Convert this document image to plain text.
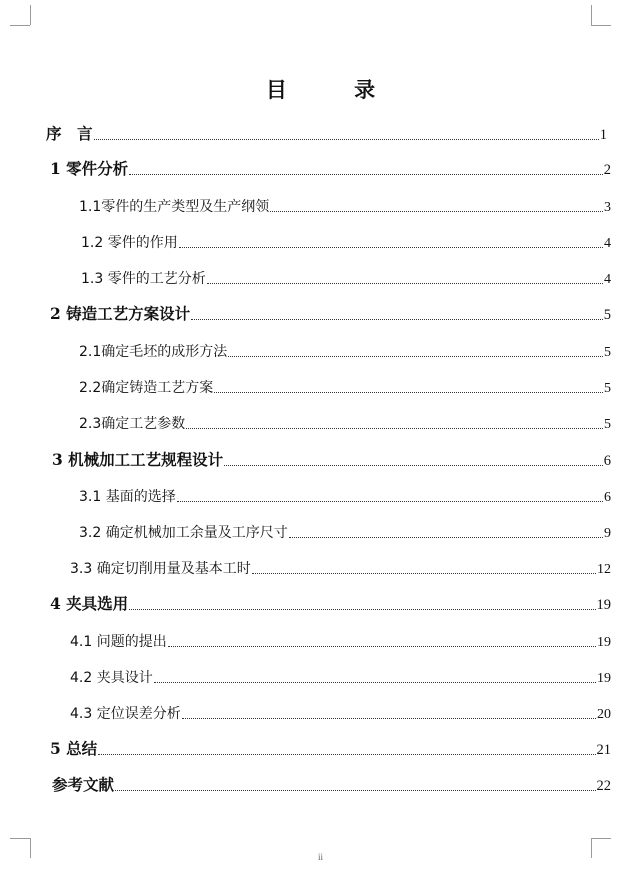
目 录
序　言	1
1 零件分析	2
1.1零件的生产类型及生产纲领	3
1.2 零件的作用	4
1.3 零件的工艺分析	4
2 铸造工艺方案设计	5
2.1确定毛坯的成形方法	5
2.2确定铸造工艺方案	5
2.3确定工艺参数	5
3 机械加工工艺规程设计	6
3.1 基面的选择	6
3.2 确定机械加工余量及工序尺寸	9
3.3 确定切削用量及基本工时	12
4 夹具选用	19
4.1 问题的提出	19
4.2 夹具设计	19
4.3 定位误差分析	20
5 总结	21
参考文献	22
ii
